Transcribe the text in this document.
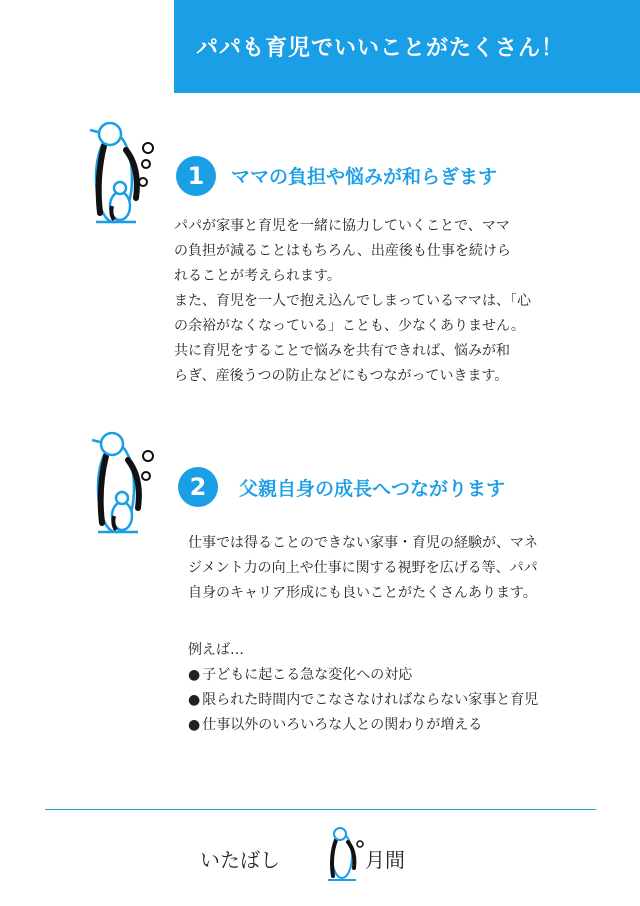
パパも育児でいいことがたくさん！
1	ママの負担や悩みが和らぎます

パパが家事と育児を一緒に協力していくことで、ママ

の負担が減ることはもちろん、出産後も仕事を続けら

れることが考えられます。

また、育児を一人で抱え込んでしまっているママは、「心

の余裕がなくなっている」ことも、少なくありません。

共に育児をすることで悩みを共有できれば、悩みが和

らぎ、産後うつの防止などにもつながっていきます。

2	父親自身の成長へつながります

仕事では得ることのできない家事・育児の経験が、マネ

ジメント力の向上や仕事に関する視野を広げる等、パパ

自身のキャリア形成にも良いことがたくさんあります。

例えば…
● 子どもに起こる急な変化への対応
● 限られた時間内でこなさなければならない家事と育児
● 仕事以外のいろいろな人との関わりが増える
いたばし	月間
